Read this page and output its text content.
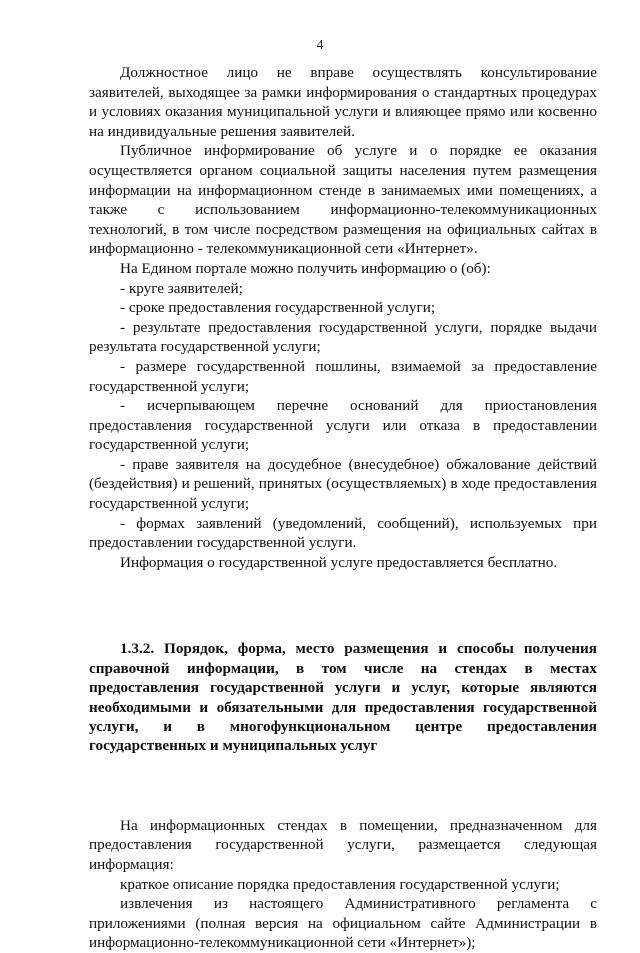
4

Должностное лицо не вправе осуществлять консультирование заявителей, выходящее за рамки информирования о стандартных процедурах и условиях оказания муниципальной услуги и влияющее прямо или косвенно на индивидуальные решения заявителей.

Публичное информирование об услуге и о порядке ее оказания осуществляется органом социальной защиты населения путем размещения информации на информационном стенде в занимаемых ими помещениях, а также с использованием информационно-телекоммуникационных технологий, в том числе посредством размещения на официальных сайтах в информационно - телекоммуникационной сети «Интернет».

На Едином портале можно получить информацию о (об):

- круге заявителей;

- сроке предоставления государственной услуги;

- результате предоставления государственной услуги, порядке выдачи результата государственной услуги;

- размере государственной пошлины, взимаемой за предоставление государственной услуги;

- исчерпывающем перечне оснований для приостановления предоставления государственной услуги или отказа в предоставлении государственной услуги;

- праве заявителя на досудебное (внесудебное) обжалование действий (бездействия) и решений, принятых (осуществляемых) в ходе предоставления государственной услуги;

- формах заявлений (уведомлений, сообщений), используемых при предоставлении государственной услуги.

Информация о государственной услуге предоставляется бесплатно.

1.3.2. Порядок, форма, место размещения и способы получения справочной информации, в том числе на стендах в местах предоставления государственной услуги и услуг, которые являются необходимыми и обязательными для предоставления государственной услуги, и в многофункциональном центре предоставления государственных и муниципальных услуг

На информационных стендах в помещении, предназначенном для предоставления государственной услуги, размещается следующая информация:

краткое описание порядка предоставления государственной услуги;

извлечения из настоящего Административного регламента с приложениями (полная версия на официальном сайте Администрации в информационно-телекоммуникационной сети «Интернет»);
